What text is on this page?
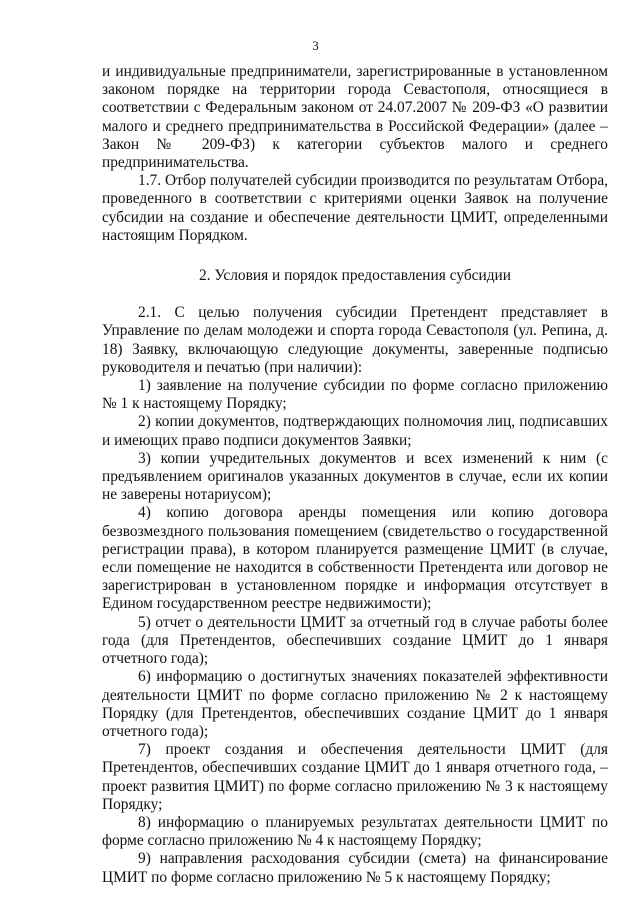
3

и индивидуальные предприниматели, зарегистрированные в установленном законом порядке на территории города Севастополя, относящиеся в соответствии с Федеральным законом от 24.07.2007 № 209-ФЗ «О развитии малого и среднего предпринимательства в Российской Федерации» (далее – Закон № 209-ФЗ) к категории субъектов малого и среднего предпринимательства.

1.7. Отбор получателей субсидии производится по результатам Отбора, проведенного в соответствии с критериями оценки Заявок на получение субсидии на создание и обеспечение деятельности ЦМИТ, определенными настоящим Порядком.

2. Условия и порядок предоставления субсидии

2.1. С целью получения субсидии Претендент представляет в Управление по делам молодежи и спорта города Севастополя (ул. Репина, д. 18) Заявку, включающую следующие документы, заверенные подписью руководителя и печатью (при наличии):

1) заявление на получение субсидии по форме согласно приложению № 1 к настоящему Порядку;

2) копии документов, подтверждающих полномочия лиц, подписавших и имеющих право подписи документов Заявки;

3) копии учредительных документов и всех изменений к ним (с предъявлением оригиналов указанных документов в случае, если их копии не заверены нотариусом);

4) копию договора аренды помещения или копию договора безвозмездного пользования помещением (свидетельство о государственной регистрации права), в котором планируется размещение ЦМИТ (в случае, если помещение не находится в собственности Претендента или договор не зарегистрирован в установленном порядке и информация отсутствует в Едином государственном реестре недвижимости);

5) отчет о деятельности ЦМИТ за отчетный год в случае работы более года (для Претендентов, обеспечивших создание ЦМИТ до 1 января отчетного года);

6) информацию о достигнутых значениях показателей эффективности деятельности ЦМИТ по форме согласно приложению № 2 к настоящему Порядку (для Претендентов, обеспечивших создание ЦМИТ до 1 января отчетного года);

7) проект создания и обеспечения деятельности ЦМИТ (для Претендентов, обеспечивших создание ЦМИТ до 1 января отчетного года, – проект развития ЦМИТ) по форме согласно приложению № 3 к настоящему Порядку;

8) информацию о планируемых результатах деятельности ЦМИТ по форме согласно приложению № 4 к настоящему Порядку;

9) направления расходования субсидии (смета) на финансирование ЦМИТ по форме согласно приложению № 5 к настоящему Порядку;
